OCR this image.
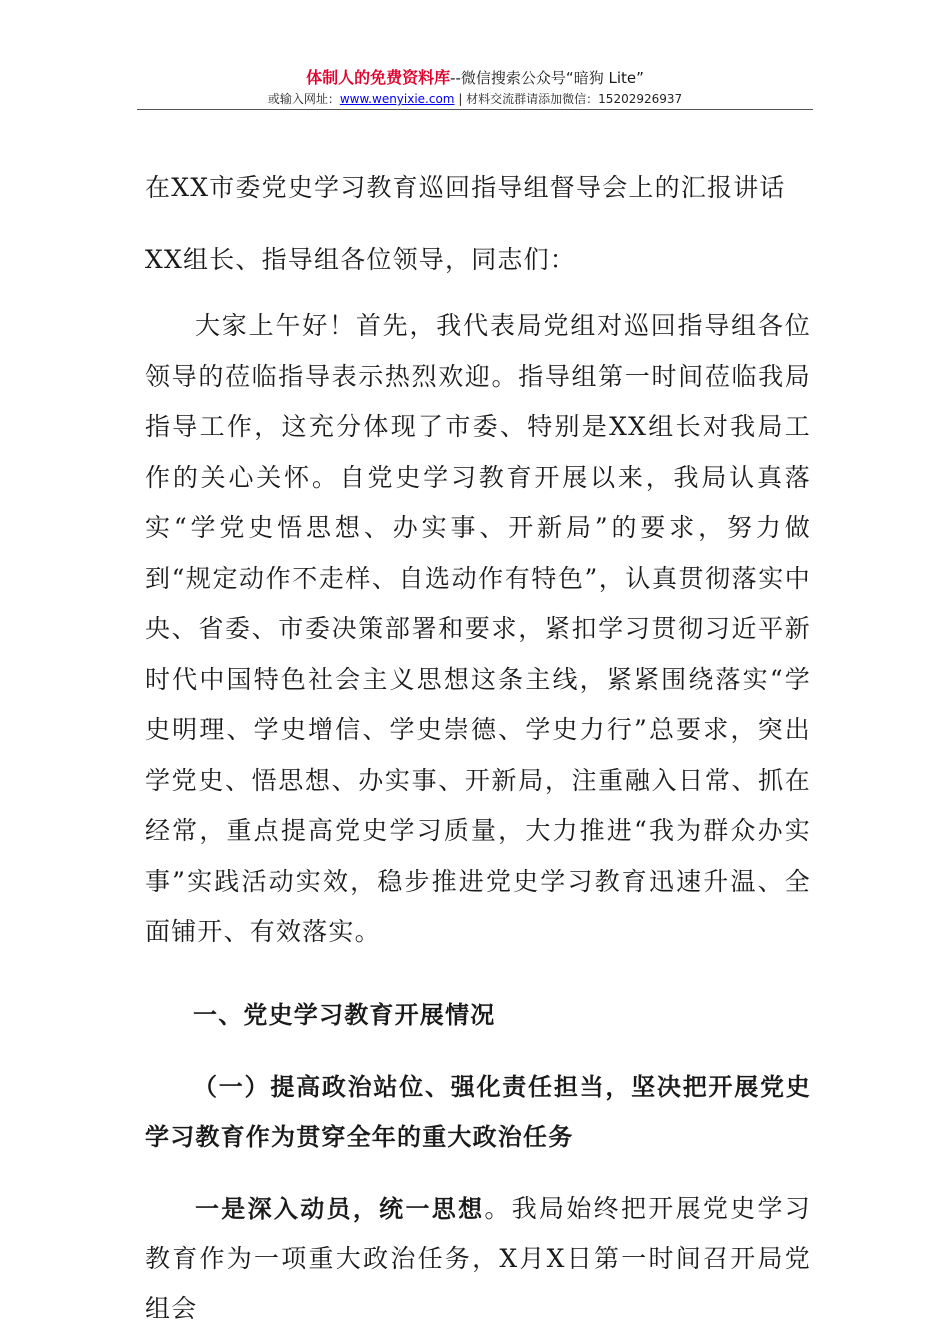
体制人的免费资料库--微信搜索公众号“暗狗 Lite”
或输入网址：www.wenyixie.com | 材料交流群请添加微信：15202926937
在XX市委党史学习教育巡回指导组督导会上的汇报讲话
XX组长、指导组各位领导，同志们：
大家上午好！首先，我代表局党组对巡回指导组各位领导的莅临指导表示热烈欢迎。指导组第一时间莅临我局指导工作，这充分体现了市委、特别是XX组长对我局工作的关心关怀。自党史学习教育开展以来，我局认真落实“学党史悟思想、办实事、开新局”的要求，努力做到“规定动作不走样、自选动作有特色”，认真贯彻落实中央、省委、市委决策部署和要求，紧扣学习贯彻习近平新时代中国特色社会主义思想这条主线，紧紧围绕落实“学史明理、学史增信、学史崇德、学史力行”总要求，突出学党史、悟思想、办实事、开新局，注重融入日常、抓在经常，重点提高党史学习质量，大力推进“我为群众办实事”实践活动实效，稳步推进党史学习教育迅速升温、全面铺开、有效落实。
一、党史学习教育开展情况
（一）提高政治站位、强化责任担当，坚决把开展党史学习教育作为贯穿全年的重大政治任务
一是深入动员，统一思想。我局始终把开展党史学习教育作为一项重大政治任务，X月X日第一时间召开局党组会
